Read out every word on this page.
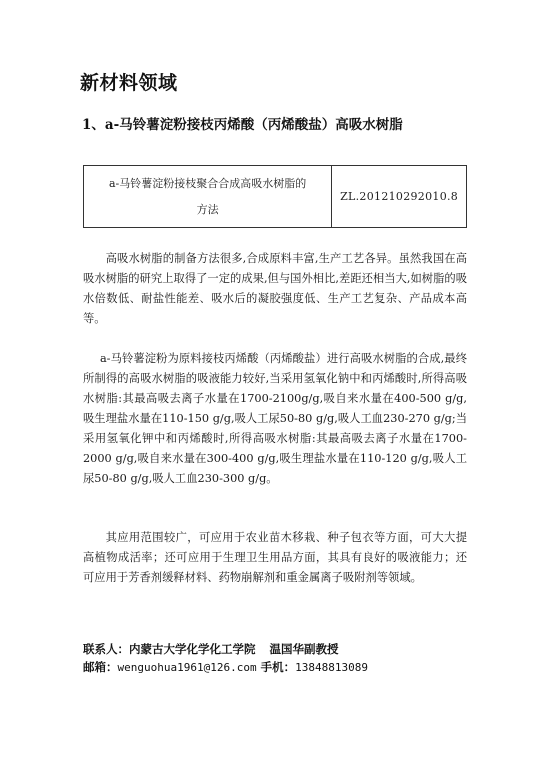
新材料领域
1、a-马铃薯淀粉接枝丙烯酸（丙烯酸盐）高吸水树脂
a-马铃薯淀粉接枝聚合合成高吸水树脂的
方法
	ZL.201210292010.8

高吸水树脂的制备方法很多,合成原料丰富,生产工艺各异。虽然我国在高吸水树脂的研究上取得了一定的成果,但与国外相比,差距还相当大,如树脂的吸水倍数低、耐盐性能差、吸水后的凝胶强度低、生产工艺复杂、产品成本高等。

a-马铃薯淀粉为原料接枝丙烯酸（丙烯酸盐）进行高吸水树脂的合成,最终所制得的高吸水树脂的吸液能力较好,当采用氢氧化钠中和丙烯酸时,所得高吸水树脂:其最高吸去离子水量在1700-2100g/g,吸自来水量在400-500 g/g,吸生理盐水量在110-150 g/g,吸人工尿50-80 g/g,吸人工血230-270 g/g;当采用氢氧化钾中和丙烯酸时,所得高吸水树脂:其最高吸去离子水量在1700-2000 g/g,吸自来水量在300-400 g/g,吸生理盐水量在110-120 g/g,吸人工尿50-80 g/g,吸人工血230-300 g/g。

其应用范围较广，可应用于农业苗木移栽、种子包衣等方面，可大大提高植物成活率；还可应用于生理卫生用品方面，其具有良好的吸液能力；还可应用于芳香剂缓释材料、药物崩解剂和重金属离子吸附剂等领域。

联系人：内蒙古大学化学化工学院 温国华副教授
邮箱：wenguohua1961@126.com 手机：13848813089
